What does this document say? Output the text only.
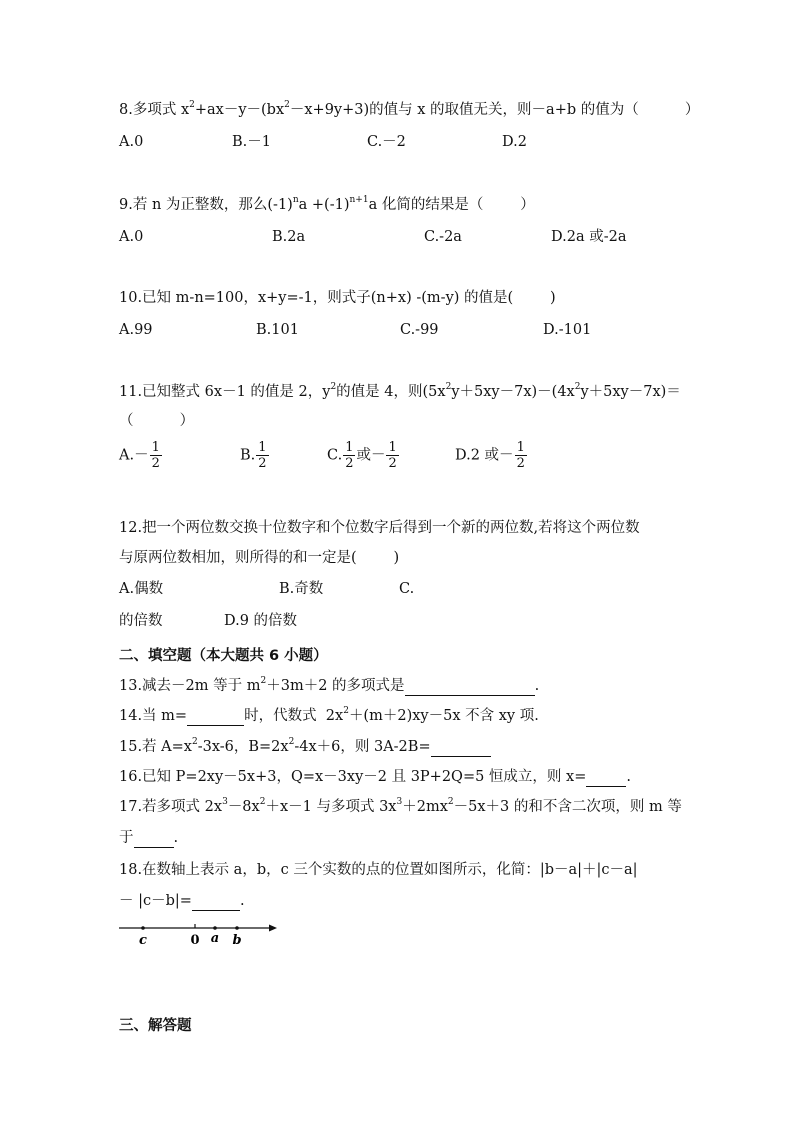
8.多项式 $x^2+ax-y-(bx^2-x+9y+3)$的值与 x 的取值无关，则－a+b 的值为（          ）
A.0	B.－1	C.－2	D.2
9.若 n 为正整数，那么$(-1)^na +(-1)^{n+1}a$ 化简的结果是（        ）
A.0	B.2a	C.-2a	D.2a 或-2a
10.已知 m-n=100，x+y=-1，则式子(n+x) -(m-y) 的值是(        )
A.99	B.101	C.-99	D.-101
11.已知整式 6x－1 的值是 2，$y^2$的值是 4，则$(5x^2y+5xy-7x)-(4x^2y+5xy-7x)=$
（          ）
$A.- \frac{1}{2}$	B. $\frac{1}{2}$	C. $\frac{1}{2}$ 或－ $\frac{1}{2}$	D.2 或－ $\frac{1}{2}$
12.把一个两位数交换十位数字和个位数字后得到一个新的两位数,若将这个两位数
与原两位数相加，则所得的和一定是(        )
A.偶数	B.奇数	C.
的倍数	D.9 的倍数
二、填空题（本大题共 6 小题）
13.减去－2m 等于 $m^2+3m+2$ 的多项式是	.
14.当 m=	时，代数式  $2x^2+(m+2)xy-5x$ 不含 xy 项.
15.若 $A=x^2-3x-6$，$B=2x^2-4x+6$，则 3A-2B=
16.已知 P=2xy－5x+3，Q=x－3xy－2 且 3P+2Q=5 恒成立，则 x=	.
17.若多项式 $2x^3-8x^2+x-1$ 与多项式 $3x^3+2mx^2-5x+3$ 的和不含二次项，则 m 等
于	.
18.在数轴上表示 a，b，c 三个实数的点的位置如图所示，化简：|b－a|＋|c－a|
－ |c－b|=	.
c	0 a b
三、解答题
